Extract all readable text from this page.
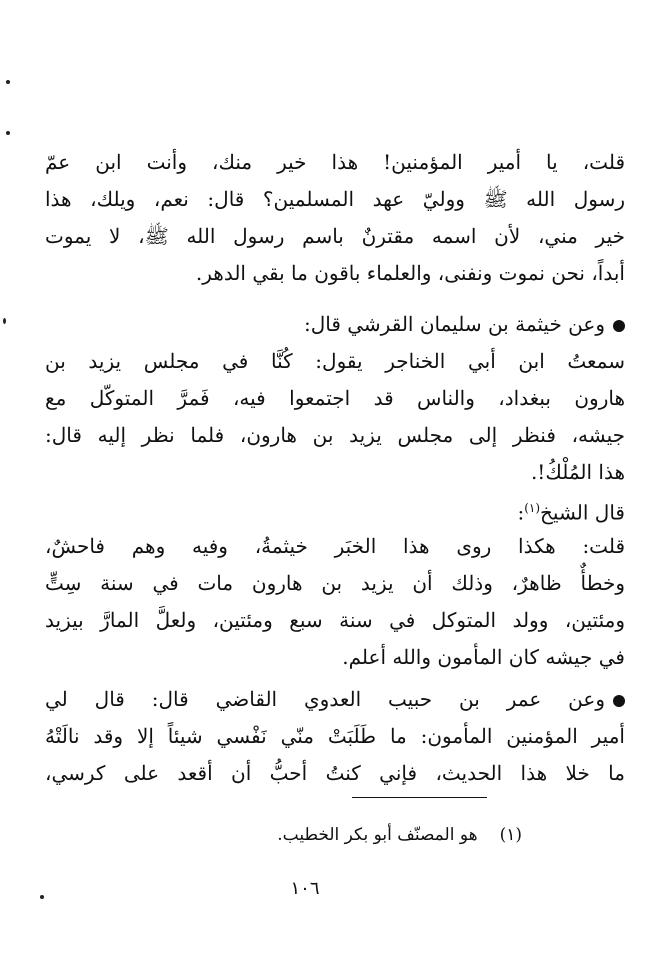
قلت، يا أمير المؤمنين! هذا خير منك، وأنت ابن عمّ
رسول الله ﷺ ووليّ عهد المسلمين؟ قال: نعم، ويلك، هذا
خير مني، لأن اسمه مقترنٌ باسم رسول الله ﷺ، لا يموت
أبداً، نحن نموت ونفنى، والعلماء باقون ما بقي الدهر.
وعن خيثمة بن سليمان القرشي قال:
سمعتُ ابن أبي الخناجر يقول: كُنَّا في مجلس يزيد بن
هارون ببغداد، والناس قد اجتمعوا فيه، فَمرَّ المتوكّل مع
جيشه، فنظر إلى مجلس يزيد بن هارون، فلما نظر إليه قال:
هذا المُلْكُ!.
قال الشيخ$^{(١)}$:
قلت: هكذا روى هذا الخبَر خيثمةُ، وفيه وهم فاحشٌ،
وخطأٌ ظاهرٌ، وذلك أن يزيد بن هارون مات في سنة سِتٍّ
ومئتين، وولد المتوكل في سنة سبع ومئتين، ولعلَّ المارَّ بيزيد
في جيشه كان المأمون والله أعلم.
وعن عمر بن حبيب العدوي القاضي قال: قال لي
أمير المؤمنين المأمون: ما طَلَبَتْ منّي نَفْسي شيئاً إلا وقد نالَتْهُ
ما خلا هذا الحديث، فإني كنتُ أحبُّ أن أقعد على كرسي،
(١)هو المصنّف أبو بكر الخطيب.
١٠٦
